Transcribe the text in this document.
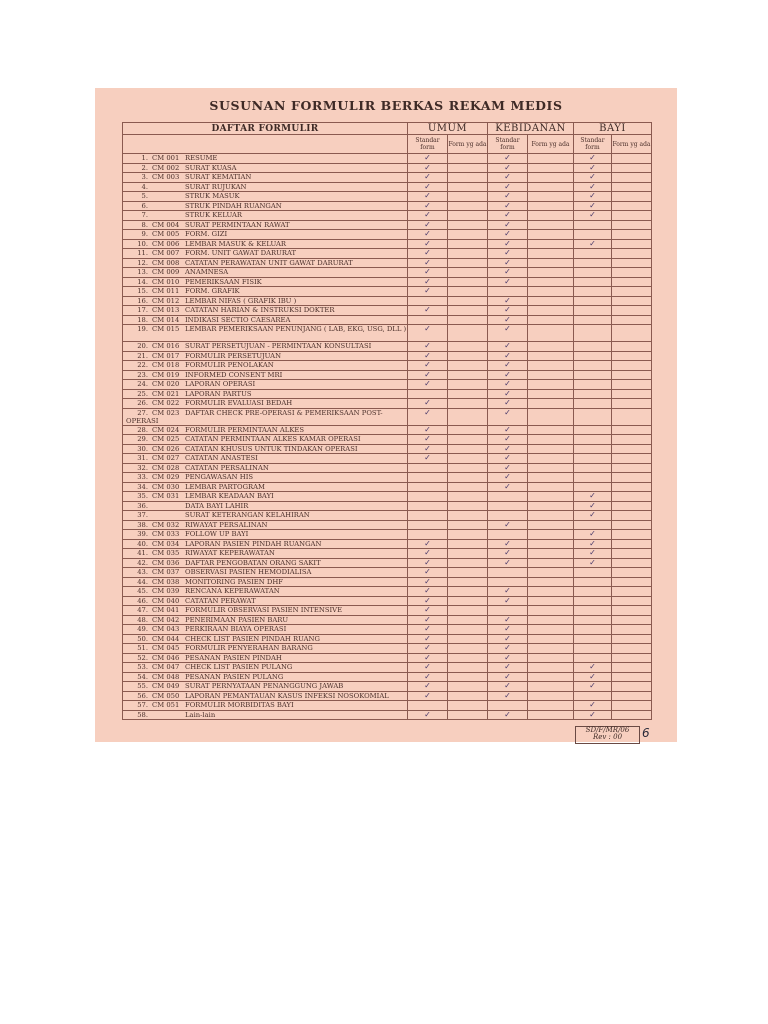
SUSUNAN FORMULIR BERKAS REKAM MEDIS
DAFTAR FORMULIR	UMUM		KEBIDANAN		BAYI	
	Standar form	Form yg ada	Standar form	Form yg ada	Standar form	Form yg ada
1. CM 001 RESUME	✓		✓		✓	
2. CM 002 SURAT KUASA	✓		✓		✓	
3. CM 003 SURAT KEMATIAN	✓		✓		✓	
4. SURAT RUJUKAN	✓		✓		✓	
5. STRUK MASUK	✓		✓		✓	
6. STRUK PINDAH RUANGAN	✓		✓		✓	
7. STRUK KELUAR	✓		✓		✓	
8. CM 004 SURAT PERMINTAAN RAWAT	✓		✓			
9. CM 005 FORM. GIZI	✓		✓			
10. CM 006 LEMBAR MASUK & KELUAR	✓		✓		✓	
11. CM 007 FORM. UNIT GAWAT DARURAT	✓		✓			
12. CM 008 CATATAN PERAWATAN UNIT GAWAT DARURAT	✓		✓			
13. CM 009 ANAMNESA	✓		✓			
14. CM 010 PEMERIKSAAN FISIK	✓		✓			
15. CM 011 FORM. GRAFIK	✓					
16. CM 012 LEMBAR NIFAS ( GRAFIK IBU )			✓			
17. CM 013 CATATAN HARIAN & INSTRUKSI DOKTER	✓		✓			
18. CM 014 INDIKASI SECTIO CAESAREA			✓			
19. CM 015 LEMBAR PEMERIKSAAN PENUNJANG ( LAB, EKG, USG, DLL )	✓		✓			
20. CM 016 SURAT PERSETUJUAN - PERMINTAAN KONSULTASI	✓		✓			
21. CM 017 FORMULIR PERSETUJUAN	✓		✓			
22. CM 018 FORMULIR PENOLAKAN	✓		✓			
23. CM 019 INFORMED CONSENT MRI	✓		✓			
24. CM 020 LAPORAN OPERASI	✓		✓			
25. CM 021 LAPORAN PARTUS			✓			
26. CM 022 FORMULIR EVALUASI BEDAH	✓		✓			
27. CM 023 DAFTAR CHECK PRE-OPERASI & PEMERIKSAAN POST-OPERASI	✓		✓			
28. CM 024 FORMULIR PERMINTAAN ALKES	✓		✓			
29. CM 025 CATATAN PERMINTAAN ALKES KAMAR OPERASI	✓		✓			
30. CM 026 CATATAN KHUSUS UNTUK TINDAKAN OPERASI	✓		✓			
31. CM 027 CATATAN ANASTESI	✓		✓			
32. CM 028 CATATAN PERSALINAN			✓			
33. CM 029 PENGAWASAN HIS			✓			
34. CM 030 LEMBAR PARTOGRAM			✓			
35. CM 031 LEMBAR KEADAAN BAYI					✓	
36. DATA BAYI LAHIR					✓	
37. SURAT KETERANGAN KELAHIRAN					✓	
38. CM 032 RIWAYAT PERSALINAN			✓			
39. CM 033 FOLLOW UP BAYI					✓	
40. CM 034 LAPORAN PASIEN PINDAH RUANGAN	✓		✓		✓	
41. CM 035 RIWAYAT KEPERAWATAN	✓		✓		✓	
42. CM 036 DAFTAR PENGOBATAN ORANG SAKIT	✓		✓		✓	
43. CM 037 OBSERVASI PASIEN HEMODIALISA	✓					
44. CM 038 MONITORING PASIEN DHF	✓					
45. CM 039 RENCANA KEPERAWATAN	✓		✓			
46. CM 040 CATATAN PERAWAT	✓		✓			
47. CM 041 FORMULIR OBSERVASI PASIEN INTENSIVE	✓					
48. CM 042 PENERIMAAN PASIEN BARU	✓		✓			
49. CM 043 PERKIRAAN BIAYA OPERASI	✓		✓			
50. CM 044 CHECK LIST PASIEN PINDAH RUANG	✓		✓			
51. CM 045 FORMULIR PENYERAHAN BARANG	✓		✓			
52. CM 046 PESANAN PASIEN PINDAH	✓		✓			
53. CM 047 CHECK LIST PASIEN PULANG	✓		✓		✓	
54. CM 048 PESANAN PASIEN PULANG	✓		✓		✓	
55. CM 049 SURAT PERNYATAAN PENANGGUNG JAWAB	✓		✓		✓	
56. CM 050 LAPORAN PEMANTAUAN KASUS INFEKSI NOSOKOMIAL	✓		✓			
57. CM 051 FORMULIR MORBIDITAS BAYI					✓	
58. Lain-lain	✓		✓		✓	
SD/F/MR/06
Rev : 00	6
